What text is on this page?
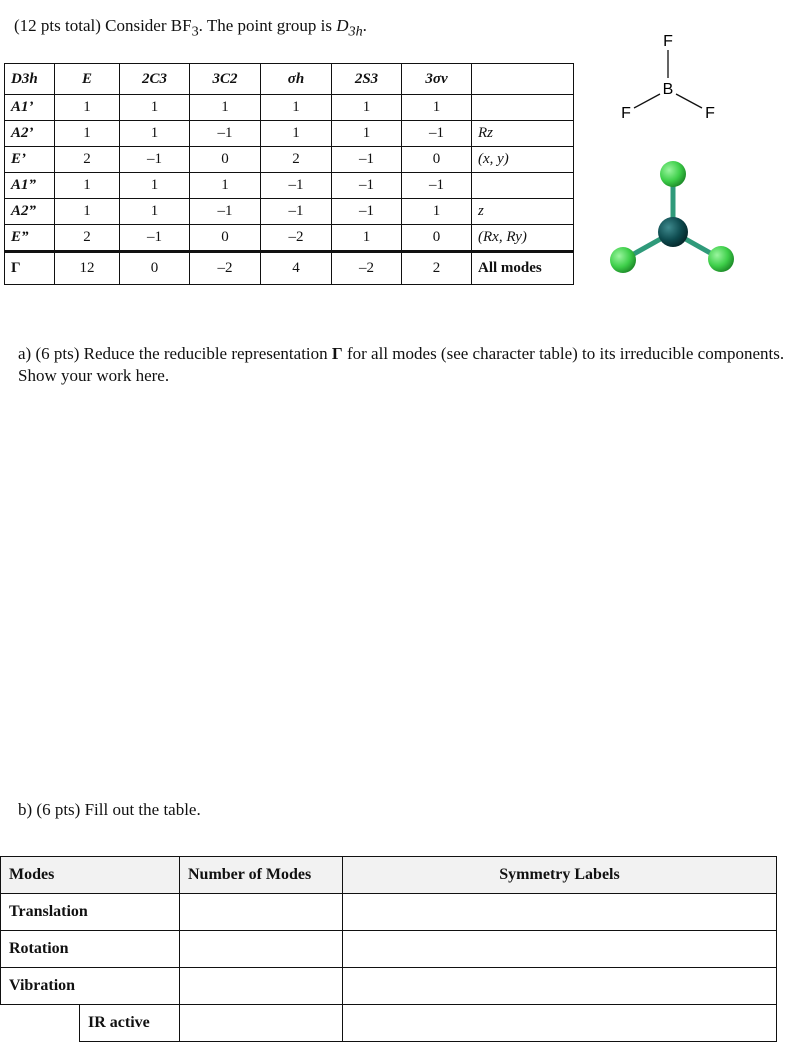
(12 pts total) Consider $BF_3$. The point group is $D_{3h}$.
D3h	E	2C3	3C2	σh	2S3	3σv	
A1’	1	1	1	1	1	1	
A2’	1	1	–1	1	1	–1	Rz
E’	2	–1	0	2	–1	0	(x, y)
A1”	1	1	1	–1	–1	–1	
A2”	1	1	–1	–1	–1	1	z
E”	2	–1	0	–2	1	0	(Rx, Ry)
Γ	12	0	–2	4	–2	2	All modes
F
B
F	F
a) (6 pts) Reduce the reducible representation Γ for all modes (see character table) to its irreducible components. Show your work here.
b) (6 pts) Fill out the table.
Modes		Number of Modes	Symmetry Labels
Translation			
Rotation			
Vibration			
	IR active		
